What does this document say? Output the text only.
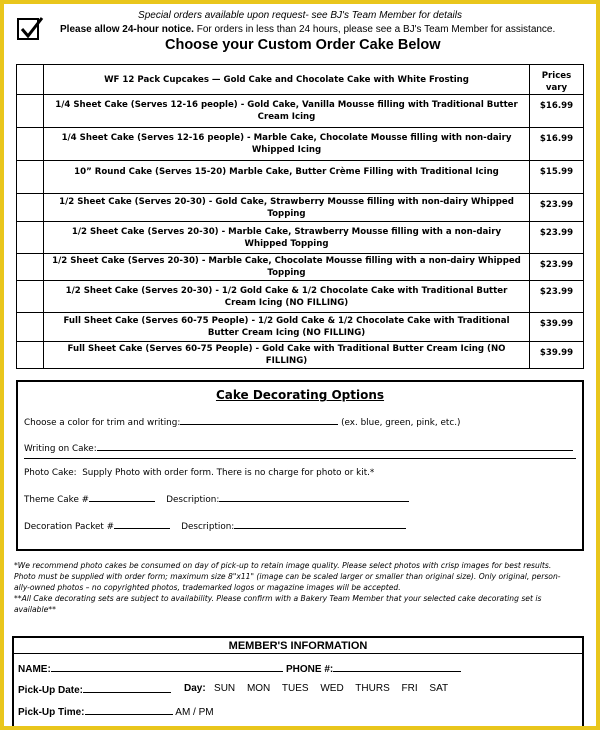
Special orders available upon request- see BJ's Team Member for details
Please allow 24-hour notice. For orders in less than 24 hours, please see a BJ's Team Member for assistance.
Choose your Custom Order Cake Below
	WF 12 Pack Cupcakes — Gold Cake and Chocolate Cake with White Frosting	Prices vary
	1/4 Sheet Cake (Serves 12-16 people) - Gold Cake, Vanilla Mousse filling with Traditional Butter Cream Icing	$16.99
	1/4 Sheet Cake (Serves 12-16 people) - Marble Cake, Chocolate Mousse filling with non-dairy Whipped Icing	$16.99
	10” Round Cake (Serves 15-20) Marble Cake, Butter Crème Filling with Traditional Icing	$15.99
	1/2 Sheet Cake (Serves 20-30) - Gold Cake, Strawberry Mousse filling with non-dairy Whipped Topping	$23.99
	1/2 Sheet Cake (Serves 20-30) - Marble Cake, Strawberry Mousse filling with a non-dairy Whipped Topping	$23.99
	1/2 Sheet Cake (Serves 20-30) - Marble Cake, Chocolate Mousse filling with a non-dairy Whipped Topping	$23.99
	1/2 Sheet Cake (Serves 20-30) - 1/2 Gold Cake & 1/2 Chocolate Cake with Traditional Butter Cream Icing (NO FILLING)	$23.99
	Full Sheet Cake (Serves 60-75 People) - 1/2 Gold Cake & 1/2 Chocolate Cake with Traditional Butter Cream Icing (NO FILLING)	$39.99
	Full Sheet Cake (Serves 60-75 People) - Gold Cake with Traditional Butter Cream Icing (NO FILLING)	$39.99
Cake Decorating Options
Choose a color for trim and writing:	(ex. blue, green, pink, etc.)
Writing on Cake:
Photo Cake: Supply Photo with order form. There is no charge for photo or kit.*
Theme Cake #	Description:
Decoration Packet #	Description:
*We recommend photo cakes be consumed on day of pick-up to retain image quality. Please select photos with crisp images for best results.
Photo must be supplied with order form; maximum size 8"x11" (image can be scaled larger or smaller than original size). Only original, person-
ally-owned photos – no copyrighted photos, trademarked logos or magazine images will be accepted.
**All Cake decorating sets are subject to availability. Please confirm with a Bakery Team Member that your selected cake decorating set is
available**
MEMBER'S INFORMATION
NAME:	PHONE #:
Pick-Up Date:	Day: SUN MON TUES WED THURS FRI SAT
Pick-Up Time:	AM / PM
